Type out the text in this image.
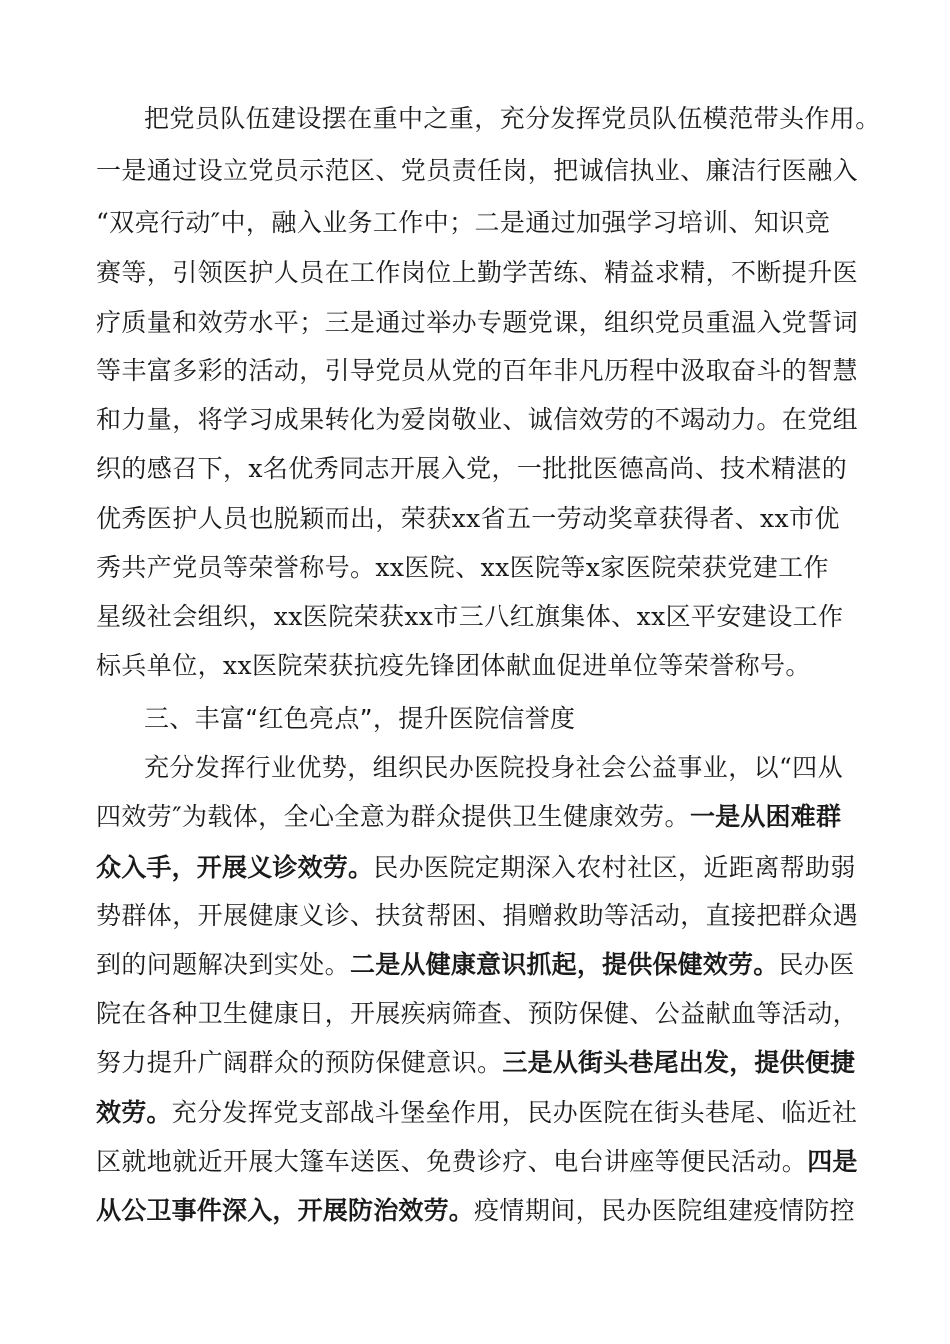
把党员队伍建设摆在重中之重，充分发挥党员队伍模范带头作用。
一是通过设立党员示范区、党员责任岗，把诚信执业、廉洁行医融入
“双亮行动″中，融入业务工作中；二是通过加强学习培训、知识竞
赛等，引领医护人员在工作岗位上勤学苦练、精益求精，不断提升医
疗质量和效劳水平；三是通过举办专题党课，组织党员重温入党誓词
等丰富多彩的活动，引导党员从党的百年非凡历程中汲取奋斗的智慧
和力量，将学习成果转化为爱岗敬业、诚信效劳的不竭动力。在党组
织的感召下，x名优秀同志开展入党，一批批医德高尚、技术精湛的
优秀医护人员也脱颖而出，荣获xx省五一劳动奖章获得者、xx市优
秀共产党员等荣誉称号。xx医院、xx医院等x家医院荣获党建工作
星级社会组织，xx医院荣获xx市三八红旗集体、xx区平安建设工作
标兵单位，xx医院荣获抗疫先锋团体献血促进单位等荣誉称号。
三、丰富“红色亮点”，提升医院信誉度
充分发挥行业优势，组织民办医院投身社会公益事业，以“四从
四效劳″为载体，全心全意为群众提供卫生健康效劳。一是从困难群
众入手，开展义诊效劳。民办医院定期深入农村社区，近距离帮助弱
势群体，开展健康义诊、扶贫帮困、捐赠救助等活动，直接把群众遇
到的问题解决到实处。二是从健康意识抓起，提供保健效劳。民办医
院在各种卫生健康日，开展疾病筛查、预防保健、公益献血等活动，
努力提升广阔群众的预防保健意识。三是从街头巷尾出发，提供便捷
效劳。充分发挥党支部战斗堡垒作用，民办医院在街头巷尾、临近社
区就地就近开展大篷车送医、免费诊疗、电台讲座等便民活动。四是
从公卫事件深入，开展防治效劳。疫情期间，民办医院组建疫情防控
